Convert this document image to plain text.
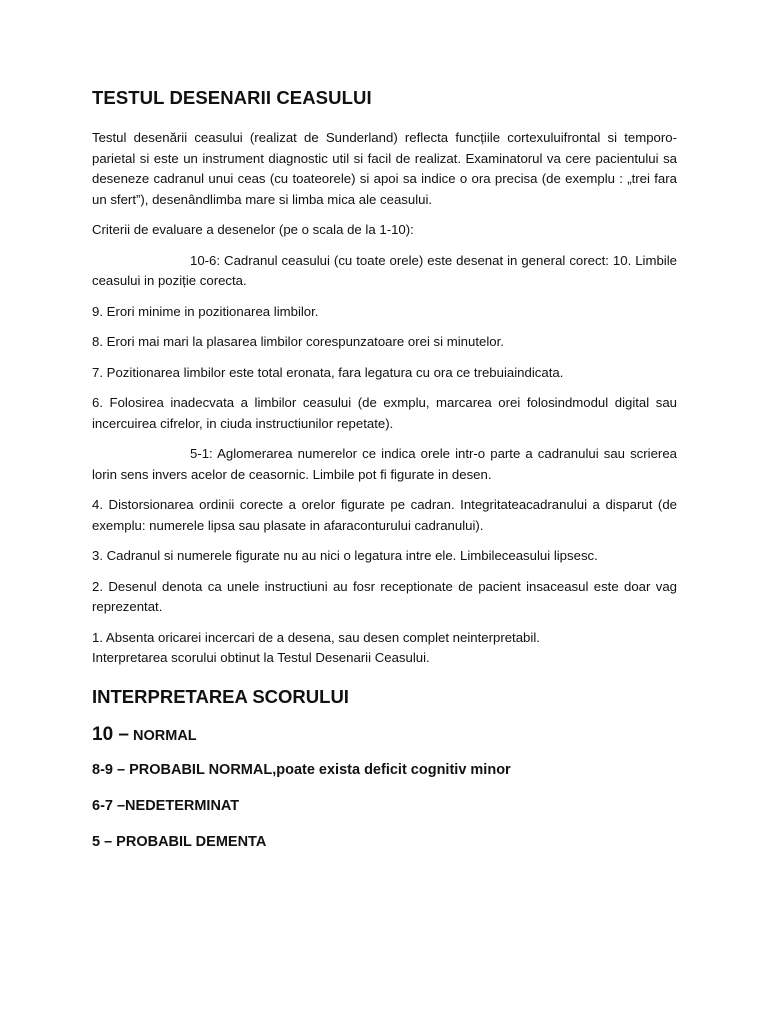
TESTUL DESENARII CEASULUI

Testul desenării ceasului (realizat de Sunderland) reflecta funcțiile cortexuluifrontal si temporo-parietal si este un instrument diagnostic util si facil de realizat. Examinatorul va cere pacientului sa deseneze cadranul unui ceas (cu toateorele) si apoi sa indice o ora precisa (de exemplu : „trei fara un sfert”), desenândlimba mare si limba mica ale ceasului.

Criterii de evaluare a desenelor (pe o scala de la 1-10):

10-6: Cadranul ceasului (cu toate orele) este desenat in general corect: 10. Limbile ceasului in poziție corecta.

9. Erori minime in pozitionarea limbilor.

8. Erori mai mari la plasarea limbilor corespunzatoare orei si minutelor.

7. Pozitionarea limbilor este total eronata, fara legatura cu ora ce trebuiaindicata.

6. Folosirea inadecvata a limbilor ceasului (de exmplu, marcarea orei folosindmodul digital sau incercuirea cifrelor, in ciuda instructiunilor repetate).

5-1: Aglomerarea numerelor ce indica orele intr-o parte a cadranului sau scrierea lorin sens invers acelor de ceasornic. Limbile pot fi figurate in desen.

4. Distorsionarea ordinii corecte a orelor figurate pe cadran. Integritateacadranului a disparut (de exemplu: numerele lipsa sau plasate in afaraconturului cadranului).

3. Cadranul si numerele figurate nu au nici o legatura intre ele. Limbileceasului lipsesc.

2. Desenul denota ca unele instructiuni au fosr receptionate de pacient insaceasul este doar vag reprezentat.

1. Absenta oricarei incercari de a desena, sau desen complet neinterpretabil.

Interpretarea scorului obtinut la Testul Desenarii Ceasului.

INTERPRETAREA SCORULUI
10 – NORMAL
8-9 – PROBABIL NORMAL,poate exista deficit cognitiv minor
6-7 –NEDETERMINAT
5 – PROBABIL DEMENTA
